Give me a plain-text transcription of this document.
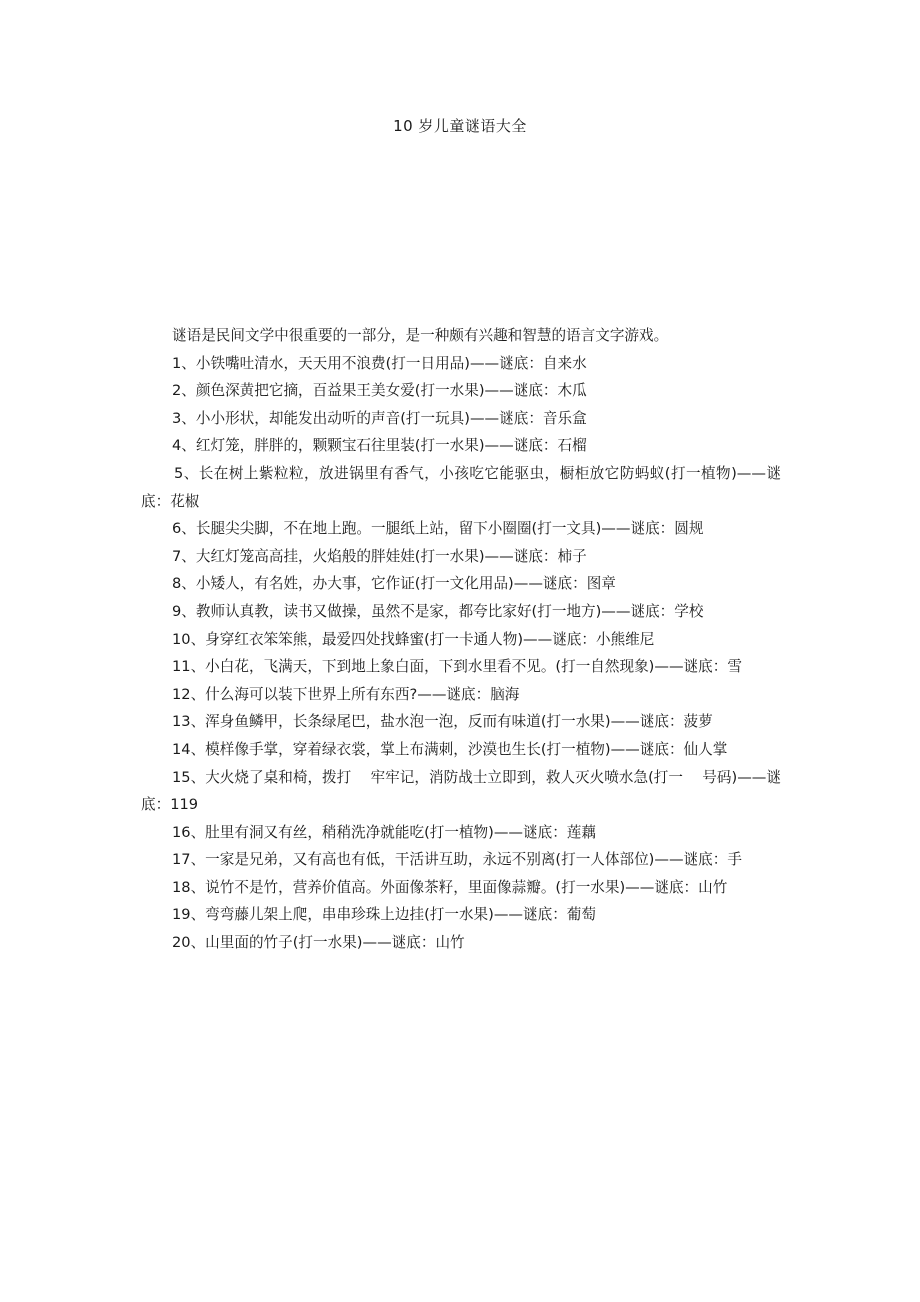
10 岁儿童谜语大全

谜语是民间文学中很重要的一部分，是一种颇有兴趣和智慧的语言文字游戏。

1、小铁嘴吐清水，天天用不浪费(打一日用品)——谜底：自来水

2、颜色深黄把它摘，百益果王美女爱(打一水果)——谜底：木瓜

3、小小形状，却能发出动听的声音(打一玩具)——谜底：音乐盒

4、红灯笼，胖胖的，颗颗宝石往里装(打一水果)——谜底：石榴

5、长在树上紫粒粒，放进锅里有香气，小孩吃它能驱虫，橱柜放它防蚂蚁(打一植物)——谜底：花椒

6、长腿尖尖脚，不在地上跑。一腿纸上站，留下小圈圈(打一文具)——谜底：圆规

7、大红灯笼高高挂，火焰般的胖娃娃(打一水果)——谜底：柿子

8、小矮人，有名姓，办大事，它作证(打一文化用品)——谜底：图章

9、教师认真教，读书又做操，虽然不是家，都夸比家好(打一地方)——谜底：学校

10、身穿红衣笨笨熊，最爱四处找蜂蜜(打一卡通人物)——谜底：小熊维尼

11、小白花，飞满天，下到地上象白面，下到水里看不见。(打一自然现象)——谜底：雪

12、什么海可以装下世界上所有东西?——谜底：脑海

13、浑身鱼鳞甲，长条绿尾巴，盐水泡一泡，反而有味道(打一水果)——谜底：菠萝

14、模样像手掌，穿着绿衣裳，掌上布满刺，沙漠也生长(打一植物)——谜底：仙人掌

15、大火烧了桌和椅，拨打　 牢牢记，消防战士立即到，救人灭火喷水急(打一　 号码)——谜底：119

16、肚里有洞又有丝，稍稍洗净就能吃(打一植物)——谜底：莲藕

17、一家是兄弟，又有高也有低，干活讲互助，永远不别离(打一人体部位)——谜底：手

18、说竹不是竹，营养价值高。外面像茶籽，里面像蒜瓣。(打一水果)——谜底：山竹

19、弯弯藤儿架上爬，串串珍珠上边挂(打一水果)——谜底：葡萄

20、山里面的竹子(打一水果)——谜底：山竹
